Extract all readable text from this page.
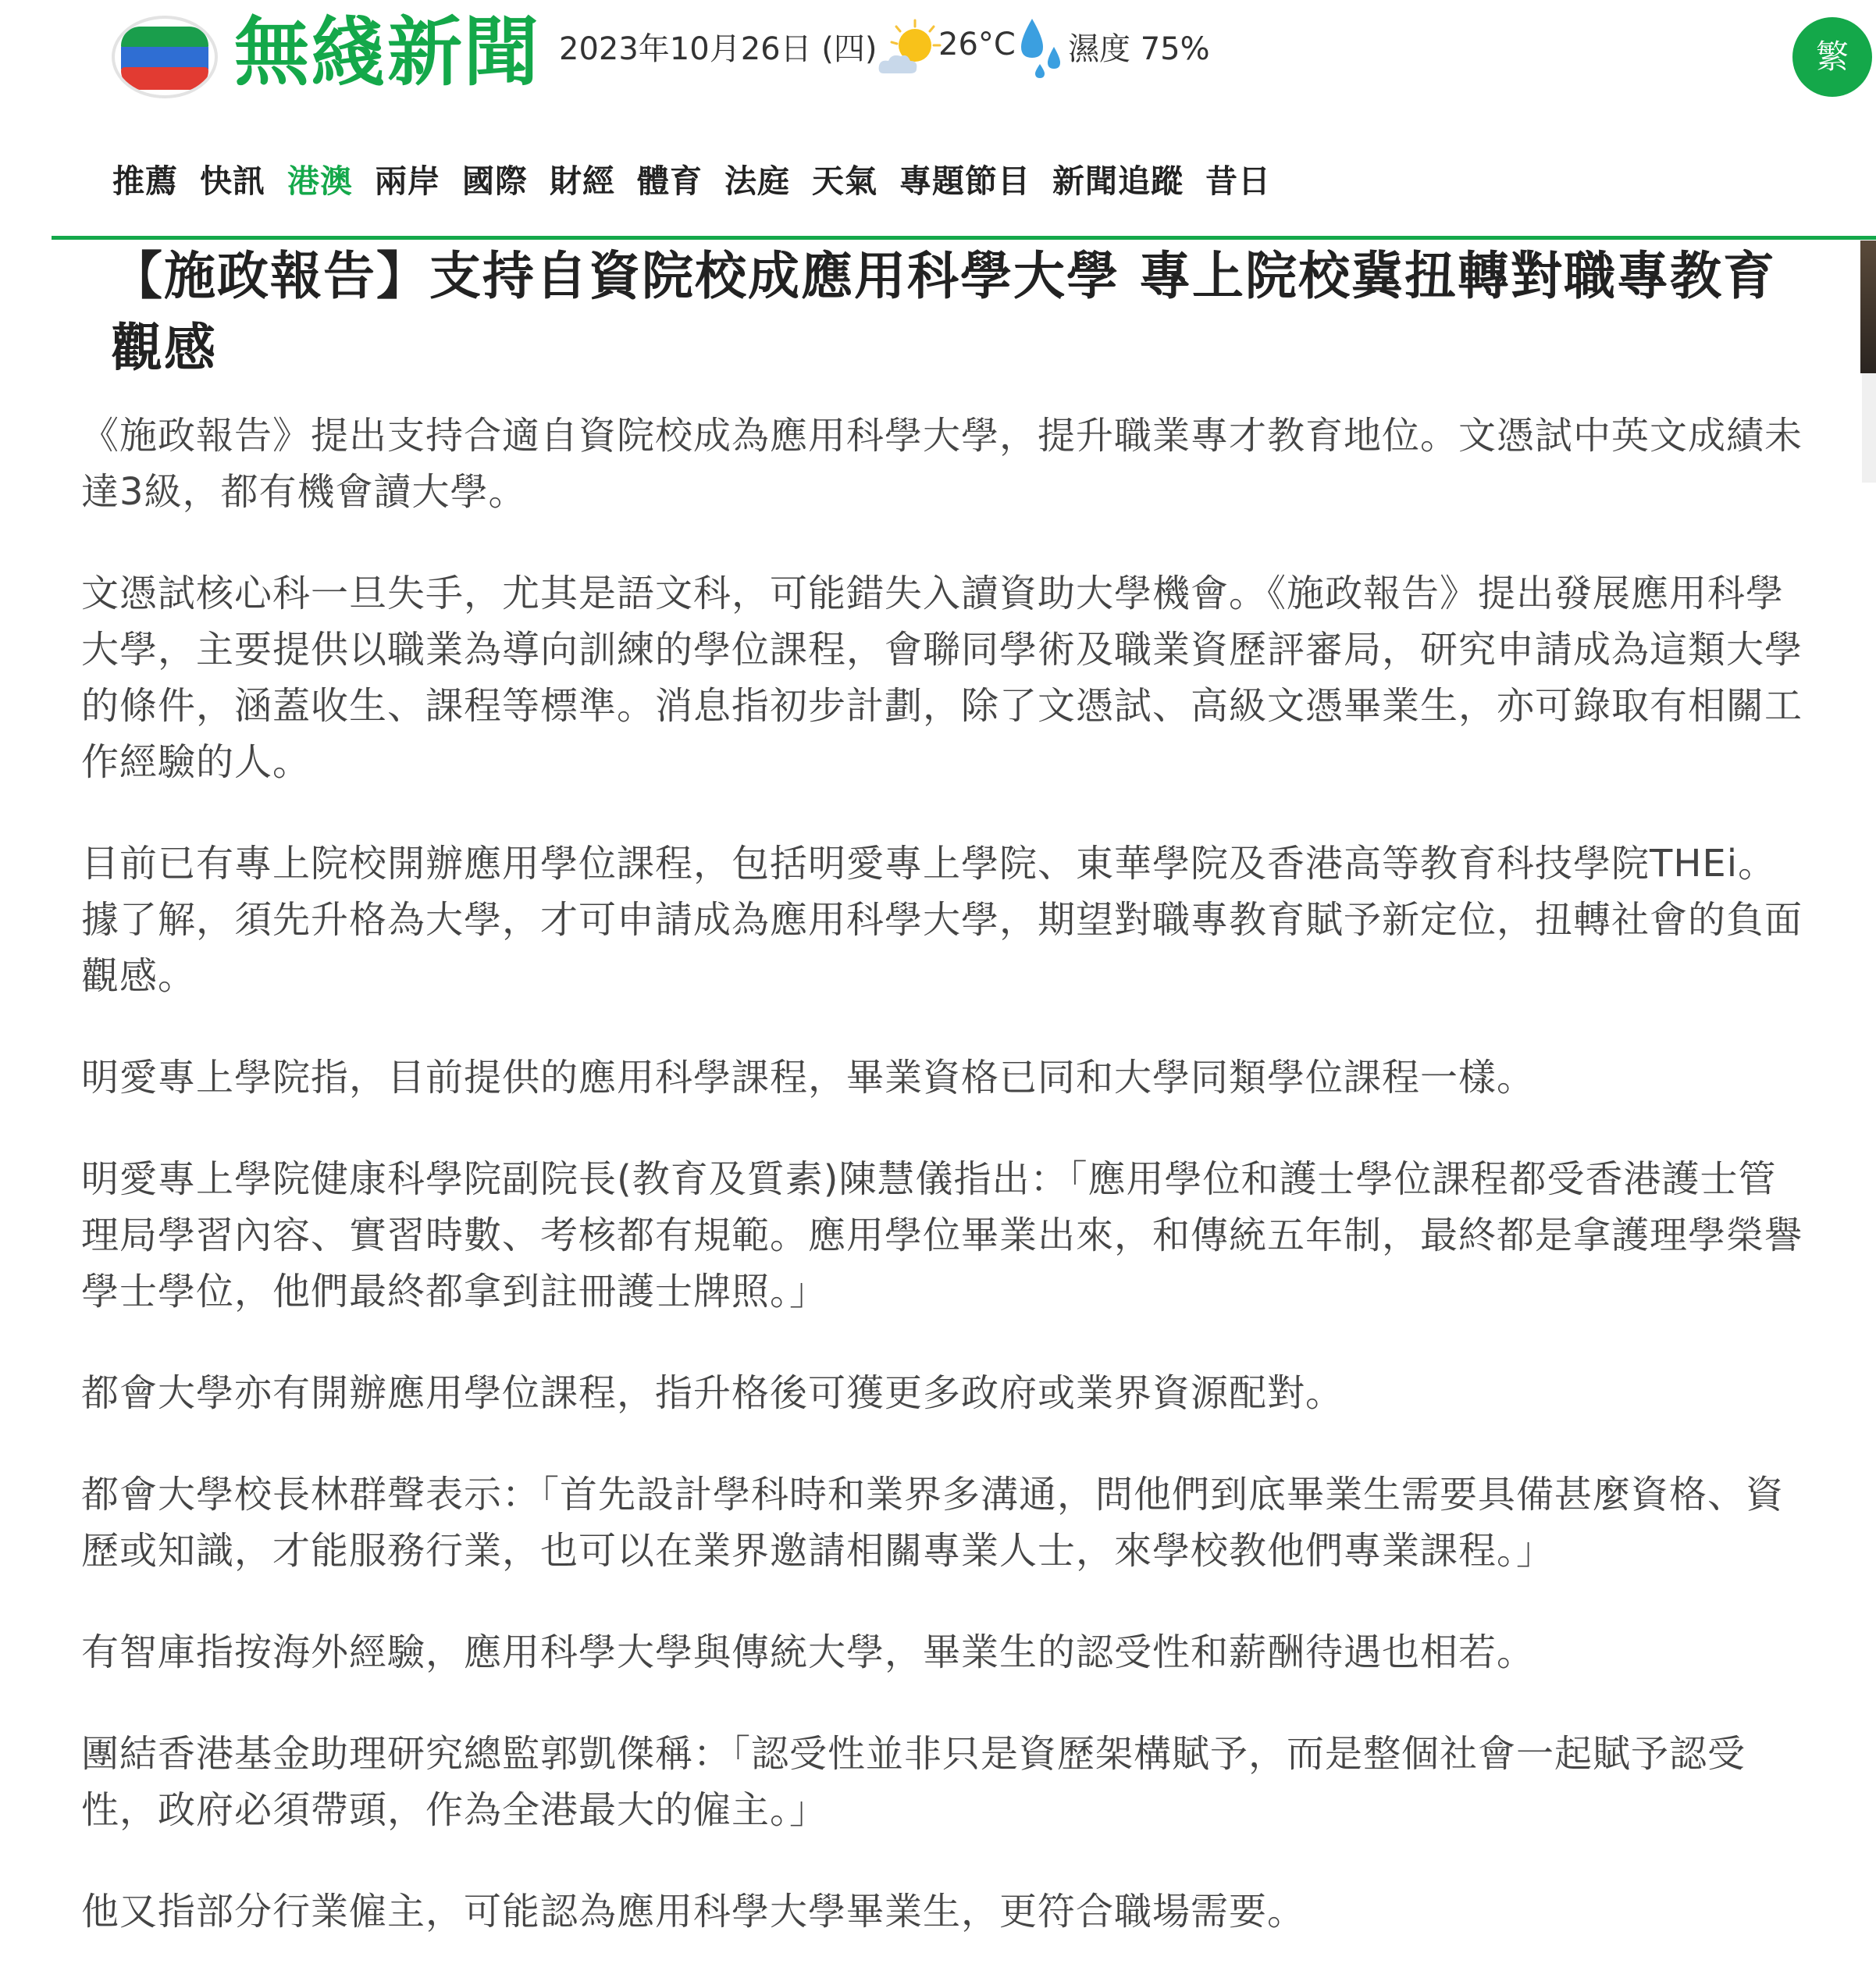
無綫新聞 2023年10月26日 (四) 26°C 濕度 75%	繁
推薦 快訊 港澳 兩岸 國際 財經 體育 法庭 天氣 專題節目 新聞追蹤 昔日
【施政報告】支持自資院校成應用科學大學 專上院校冀扭轉對職專教育觀感

《施政報告》提出支持合適自資院校成為應用科學大學，提升職業專才教育地位。文憑試中英文成績未達3級，都有機會讀大學。

文憑試核心科一旦失手，尤其是語文科，可能錯失入讀資助大學機會。《施政報告》提出發展應用科學大學，主要提供以職業為導向訓練的學位課程，會聯同學術及職業資歷評審局，研究申請成為這類大學的條件，涵蓋收生、課程等標準。消息指初步計劃，除了文憑試、高級文憑畢業生，亦可錄取有相關工作經驗的人。

目前已有專上院校開辦應用學位課程，包括明愛專上學院、東華學院及香港高等教育科技學院THEi。據了解，須先升格為大學，才可申請成為應用科學大學，期望對職專教育賦予新定位，扭轉社會的負面觀感。

明愛專上學院指，目前提供的應用科學課程，畢業資格已同和大學同類學位課程一樣。

明愛專上學院健康科學院副院長(教育及質素)陳慧儀指出：「應用學位和護士學位課程都受香港護士管理局學習內容、實習時數、考核都有規範。應用學位畢業出來，和傳統五年制，最終都是拿護理學榮譽學士學位，他們最終都拿到註冊護士牌照。」

都會大學亦有開辦應用學位課程，指升格後可獲更多政府或業界資源配對。

都會大學校長林群聲表示：「首先設計學科時和業界多溝通，問他們到底畢業生需要具備甚麼資格、資歷或知識，才能服務行業，也可以在業界邀請相關專業人士，來學校教他們專業課程。」

有智庫指按海外經驗，應用科學大學與傳統大學，畢業生的認受性和薪酬待遇也相若。

團結香港基金助理研究總監郭凱傑稱：「認受性並非只是資歷架構賦予，而是整個社會一起賦予認受性，政府必須帶頭，作為全港最大的僱主。」

他又指部分行業僱主，可能認為應用科學大學畢業生，更符合職場需要。
